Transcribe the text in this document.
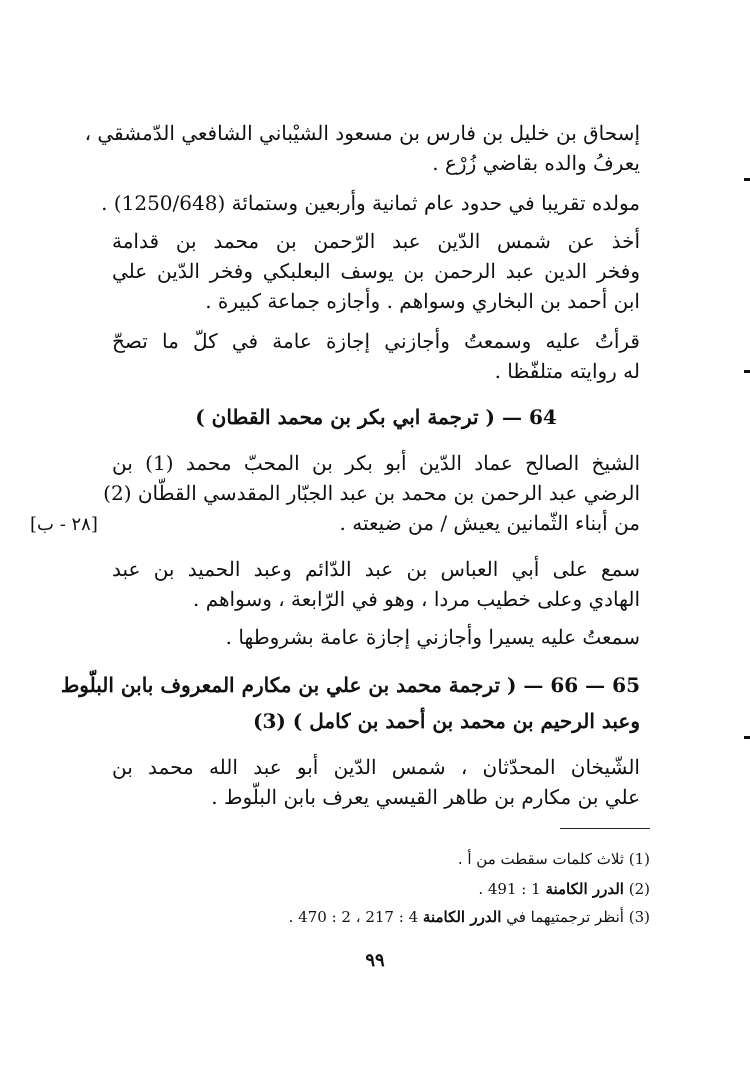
إسحاق بن خليل بن فارس بن مسعود الشيْباني الشافعي الدّمشقي ،
يعرفُ والده بقاضي زُرْع .
مولده تقريبا في حدود عام ثمانية وأربعين وستمائة (1250/648) .
أخذ عن شمس الدّين عبد الرّحمن بن محمد بن قدامة
وفخر الدين عبد الرحمن بن يوسف البعلبكي وفخر الدّين علي
ابن أحمد بن البخاري وسواهم . وأجازه جماعة كبيرة .
قرأتُ عليه وسمعتُ وأجازني إجازة عامة في كلّ ما تصحّ
له روايته متلفّظا .
64 — ( ترجمة ابي بكر بن محمد القطان )
الشيخ الصالح عماد الدّين أبو بكر بن المحبّ محمد (1) بن
الرضي عبد الرحمن بن محمد بن عبد الجبّار المقدسي القطّان (2)
من أبناء الثّمانين يعيش / من ضيعته .
[٢٨ - ب]
سمع على أبي العباس بن عبد الدّائم وعبد الحميد بن عبد
الهادي وعلى خطيب مردا ، وهو في الرّابعة ، وسواهم .
سمعتُ عليه يسيرا وأجازني إجازة عامة بشروطها .
65 — 66 — ( ترجمة محمد بن علي بن مكارم المعروف بابن البلّوط
وعبد الرحيم بن محمد بن أحمد بن كامل ) (3)
الشّيخان المحدّثان ، شمس الدّين أبو عبد الله محمد بن
علي بن مكارم بن طاهر القيسي يعرف بابن البلّوط .
(1) ثلاث كلمات سقطت من أ .
(2) الدرر الكامنة 1 : 491 .
(3) أنظر ترجمتيهما في الدرر الكامنة 4 : 217 ، 2 : 470 .
٩٩
